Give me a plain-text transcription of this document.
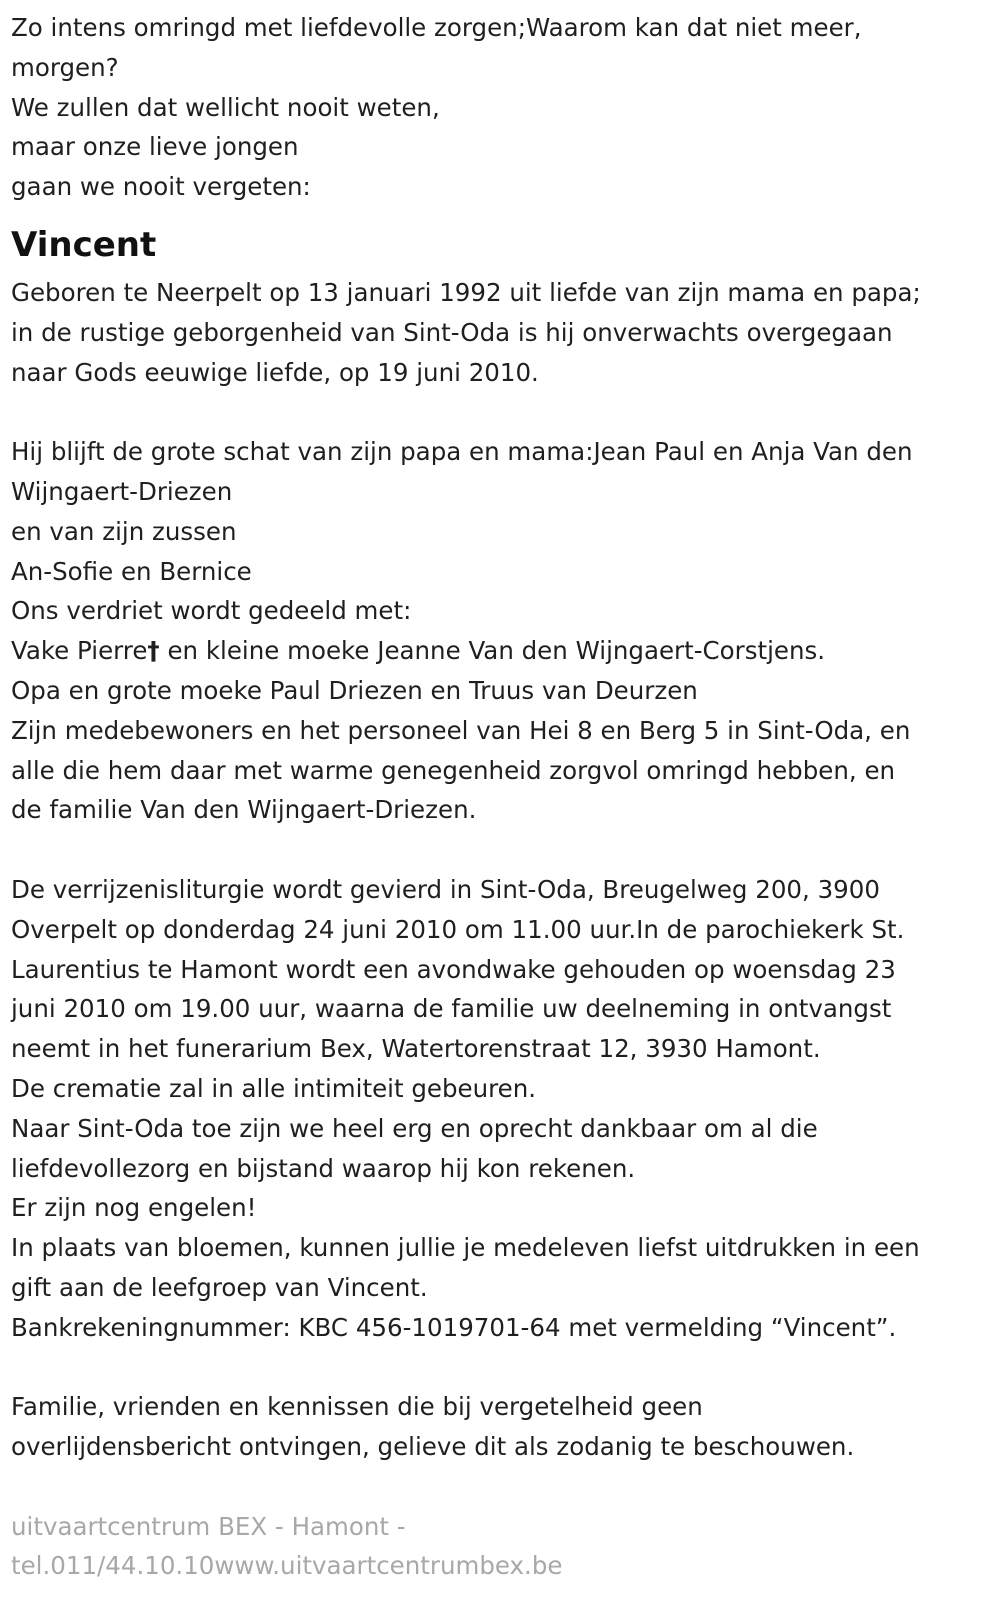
Zo intens omringd met liefdevolle zorgen;Waarom kan dat niet meer,
morgen?
We zullen dat wellicht nooit weten,
maar onze lieve jongen
gaan we nooit vergeten:
Vincent
Geboren te Neerpelt op 13 januari 1992 uit liefde van zijn mama en papa;
in de rustige geborgenheid van Sint-Oda is hij onverwachts overgegaan
naar Gods eeuwige liefde, op 19 juni 2010.
Hij blijft de grote schat van zijn papa en mama:Jean Paul en Anja Van den
Wijngaert-Driezen
en van zijn zussen
An-Sofie en Bernice
Ons verdriet wordt gedeeld met:
Vake Pierre† en kleine moeke Jeanne Van den Wijngaert-Corstjens.
Opa en grote moeke Paul Driezen en Truus van Deurzen
Zijn medebewoners en het personeel van Hei 8 en Berg 5 in Sint-Oda, en
alle die hem daar met warme genegenheid zorgvol omringd hebben, en
de familie Van den Wijngaert-Driezen.
De verrijzenisliturgie wordt gevierd in Sint-Oda, Breugelweg 200, 3900
Overpelt op donderdag 24 juni 2010 om 11.00 uur.In de parochiekerk St.
Laurentius te Hamont wordt een avondwake gehouden op woensdag 23
juni 2010 om 19.00 uur, waarna de familie uw deelneming in ontvangst
neemt in het funerarium Bex, Watertorenstraat 12, 3930 Hamont.
De crematie zal in alle intimiteit gebeuren.
Naar Sint-Oda toe zijn we heel erg en oprecht dankbaar om al die
liefdevollezorg en bijstand waarop hij kon rekenen.
Er zijn nog engelen!
In plaats van bloemen, kunnen jullie je medeleven liefst uitdrukken in een
gift aan de leefgroep van Vincent.
Bankrekeningnummer: KBC 456-1019701-64 met vermelding “Vincent”.
Familie, vrienden en kennissen die bij vergetelheid geen
overlijdensbericht ontvingen, gelieve dit als zodanig te beschouwen.
uitvaartcentrum BEX - Hamont -
tel.011/44.10.10www.uitvaartcentrumbex.be
